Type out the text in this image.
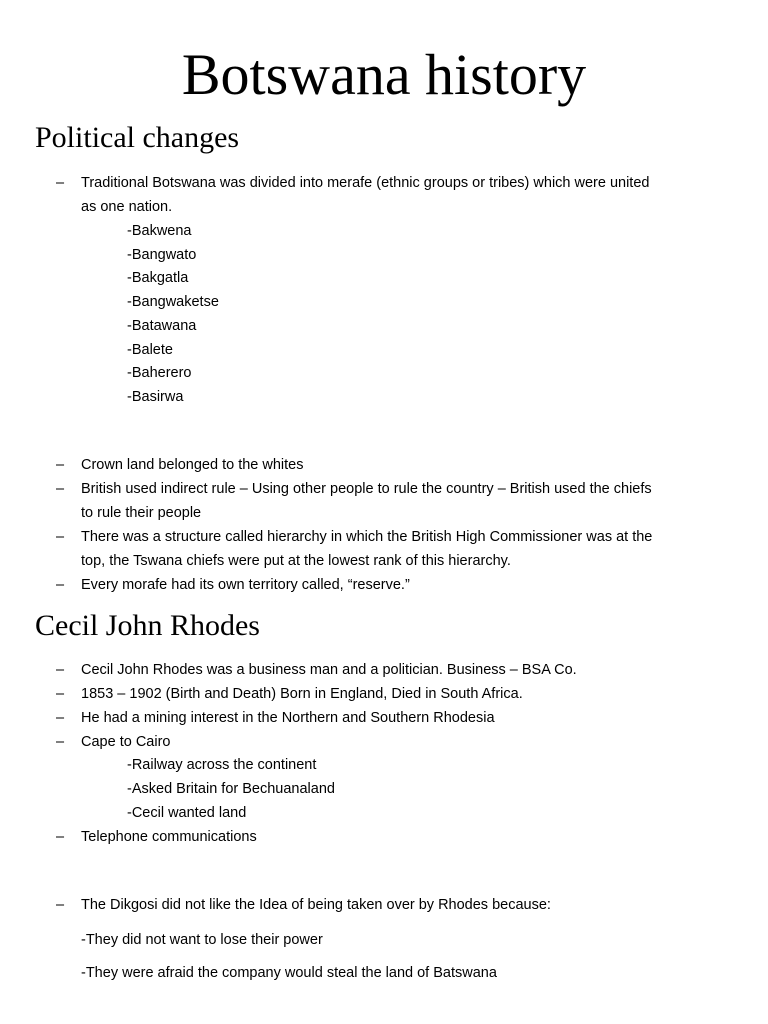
Botswana history
Political changes
– Traditional Botswana was divided into merafe (ethnic groups or tribes) which were united
as one nation.
-Bakwena
-Bangwato
-Bakgatla
-Bangwaketse
-Batawana
-Balete
-Baherero
-Basirwa
– Crown land belonged to the whites
– British used indirect rule – Using other people to rule the country – British used the chiefs
to rule their people
– There was a structure called hierarchy in which the British High Commissioner was at the
top, the Tswana chiefs were put at the lowest rank of this hierarchy.
– Every morafe had its own territory called, “reserve.”
Cecil John Rhodes
– Cecil John Rhodes was a business man and a politician. Business – BSA Co.
– 1853 – 1902 (Birth and Death) Born in England, Died in South Africa.
– He had a mining interest in the Northern and Southern Rhodesia
– Cape to Cairo
-Railway across the continent
-Asked Britain for Bechuanaland
-Cecil wanted land
– Telephone communications
– The Dikgosi did not like the Idea of being taken over by Rhodes because:
-They did not want to lose their power
-They were afraid the company would steal the land of Batswana
